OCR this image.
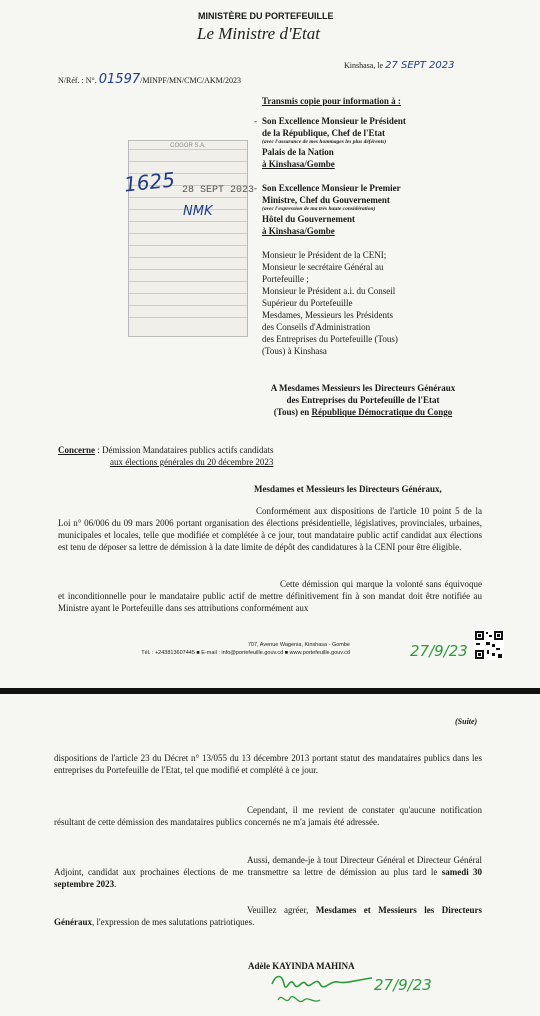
MINISTÈRE DU PORTEFEUILLE
Le Ministre d'Etat
N/Réf. : N°. 01597/MINPF/MN/CMC/AKM/2023
Kinshasa, le 27 SEPT 2023
COGOR S.A.
1625 28 SEPT 2023
NMK
Transmis copie pour information à :
- Son Excellence Monsieur le Président
de la République, Chef de l'Etat
(avec l'assurance de mes hommages les plus déférents)
Palais de la Nation
à Kinshasa/Gombe
- Son Excellence Monsieur le Premier
Ministre, Chef du Gouvernement
(avec l'expression de ma très haute considération)
Hôtel du Gouvernement
à Kinshasa/Gombe
Monsieur le Président de la CENI;
Monsieur le secrétaire Général au
Portefeuille ;
Monsieur le Président a.i. du Conseil
Supérieur du Portefeuille
Mesdames, Messieurs les Présidents
des Conseils d'Administration
des Entreprises du Portefeuille (Tous)
(Tous) à Kinshasa
A Mesdames Messieurs les Directeurs Généraux
des Entreprises du Portefeuille de l'Etat
(Tous) en République Démocratique du Congo
Concerne : Démission Mandataires publics actifs candidats
aux élections générales du 20 décembre 2023
Mesdames et Messieurs les Directeurs Généraux,
Conformément aux dispositions de l'article 10 point 5 de la Loi n° 06/006 du 09 mars 2006 portant organisation des élections présidentielle, législatives, provinciales, urbaines, municipales et locales, telle que modifiée et complétée à ce jour, tout mandataire public actif candidat aux élections est tenu de déposer sa lettre de démission à la date limite de dépôt des candidatures à la CENI pour être éligible.
Cette démission qui marque la volonté sans équivoque et inconditionnelle pour le mandataire public actif de mettre définitivement fin à son mandat doit être notifiée au Ministre ayant le Portefeuille dans ses attributions conformément aux
707, Avenue Wagenia, Kinshasa - Gombe
Tél. : +243813607445 ■ E-mail : info@portefeuille.gouv.cd ■ www.portefeuille.gouv.cd	27/9/23
(Suite)
dispositions de l'article 23 du Décret n° 13/055 du 13 décembre 2013 portant statut des mandataires publics dans les entreprises du Portefeuille de l'Etat, tel que modifié et complété à ce jour.
Cependant, il me revient de constater qu'aucune notification résultant de cette démission des mandataires publics concernés ne m'a jamais été adressée.
Aussi, demande-je à tout Directeur Général et Directeur Général Adjoint, candidat aux prochaines élections de me transmettre sa lettre de démission au plus tard le samedi 30 septembre 2023.
Veuillez agréer, Mesdames et Messieurs les Directeurs Généraux, l'expression de mes salutations patriotiques.
Adèle KAYINDA MAHINA
27/9/23
